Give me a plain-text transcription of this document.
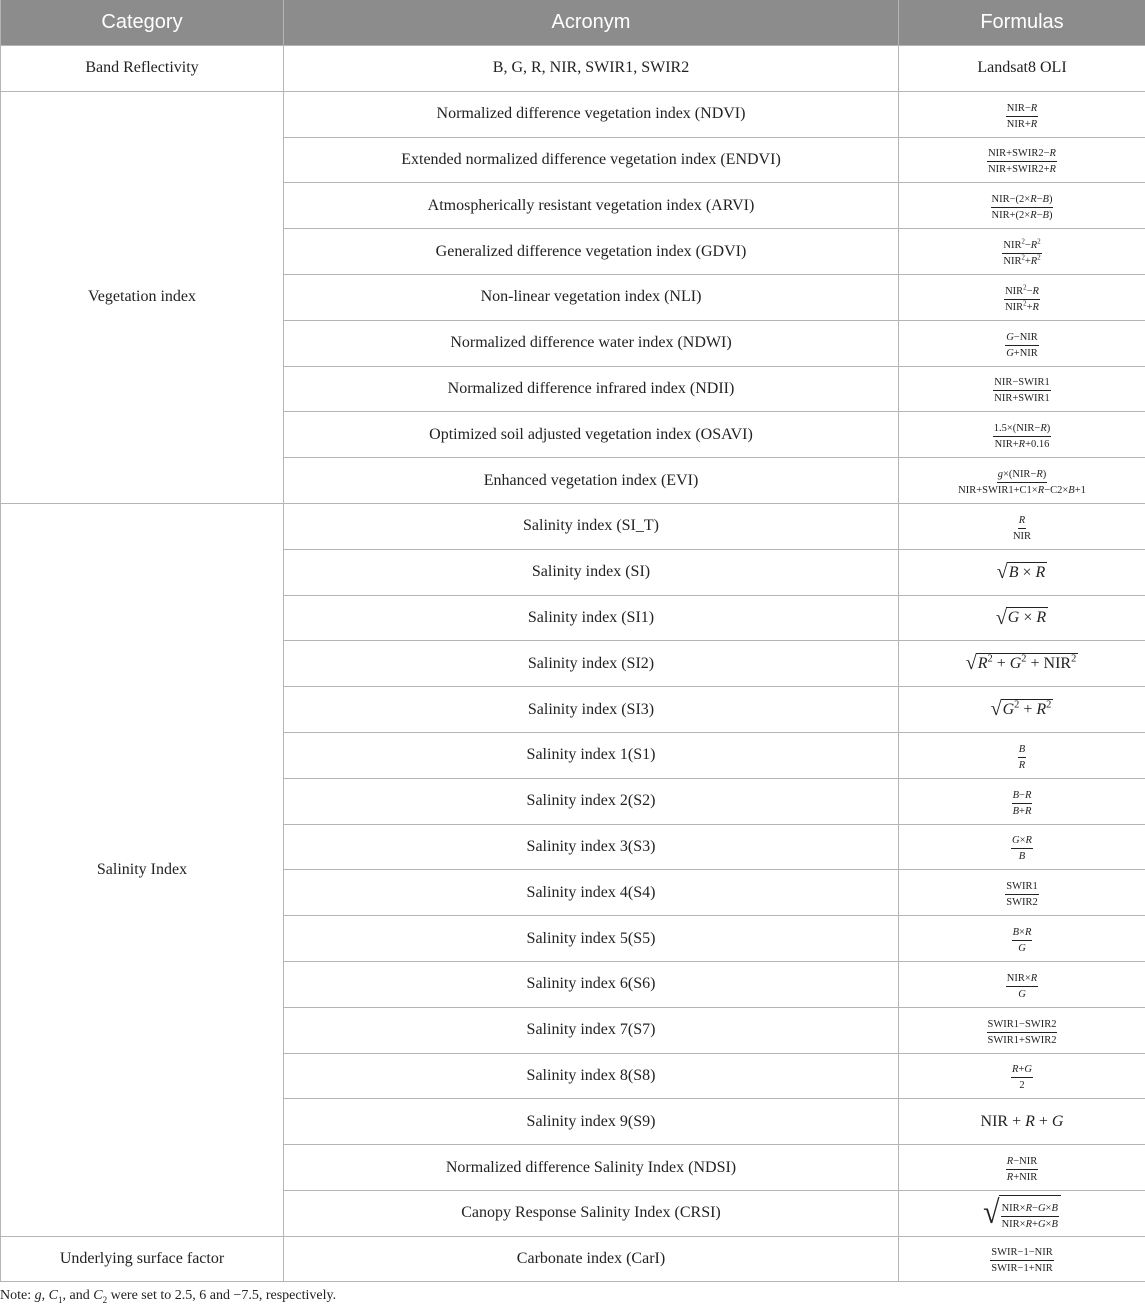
Category	Acronym	Formulas
Band Reflectivity	B, G, R, NIR, SWIR1, SWIR2	Landsat8 OLI
Vegetation index	Normalized difference vegetation index (NDVI)	$\frac{\text{NIR−R}}{\text{NIR+R}}$

	Extended normalized difference vegetation index (ENDVI)	$\frac{\text{NIR+SWIR2−R}}{\text{NIR+SWIR2+R}}$

	Atmospherically resistant vegetation index (ARVI)	$\frac{\text{NIR−(2×R−B)}}{\text{NIR+(2×R−B)}}$

	Generalized difference vegetation index (GDVI)	$\frac{NIR^2-R^2}{NIR^2+R^2}$

	Non-linear vegetation index (NLI)	$\frac{NIR^2-R}{NIR^2+R}$

	Normalized difference water index (NDWI)	$\frac{\text{G−NIR}}{\text{G+NIR}}$

	Normalized difference infrared index (NDII)	$\frac{\text{NIR−SWIR1}}{\text{NIR+SWIR1}}$

	Optimized soil adjusted vegetation index (OSAVI)	$\frac{\text{1.5×(NIR−R)}}{\text{NIR+R+0.16}}$

	Enhanced vegetation index (EVI)	$\frac{\text{g×(NIR−R)}}{\text{NIR+SWIR1+C1×R−C2×B+1}}$

Salinity Index	Salinity index (SI_T)	$\frac{R}{\text{NIR}}$

	Salinity index (SI)	√ B × R

	Salinity index (SI1)	√ G × R

	Salinity index (SI2)	√ $R^2 + G^2 + NIR^2$

	Salinity index (SI3)	√ $G^2 + R^2$

	Salinity index 1(S1)	$\frac{B}{R}$

	Salinity index 2(S2)	$\frac{B-R}{B+R}$

	Salinity index 3(S3)	$\frac{G\times R}{B}$

	Salinity index 4(S4)	$\frac{\text{SWIR1}}{\text{SWIR2}}$

	Salinity index 5(S5)	$\frac{B\times R}{G}$

	Salinity index 6(S6)	$\frac{\text{NIR×R}}{G}$

	Salinity index 7(S7)	$\frac{\text{SWIR1−SWIR2}}{\text{SWIR1+SWIR2}}$

	Salinity index 8(S8)	$\frac{R+G}{2}$

	Salinity index 9(S9)	NIR + R + G
	Normalized difference Salinity Index (NDSI)	$\frac{\text{R−NIR}}{\text{R+NIR}}$

	Canopy Response Salinity Index (CRSI)	√ $\frac{\text{NIR×R−G×B}}{\text{NIR×R+G×B}}$

Underlying surface factor	Carbonate index (CarI)	$\frac{\text{SWIR−1−NIR}}{\text{SWIR−1+NIR}}$
Note: g, $C_1$, and $C_2$ were set to 2.5, 6 and −7.5, respectively.
